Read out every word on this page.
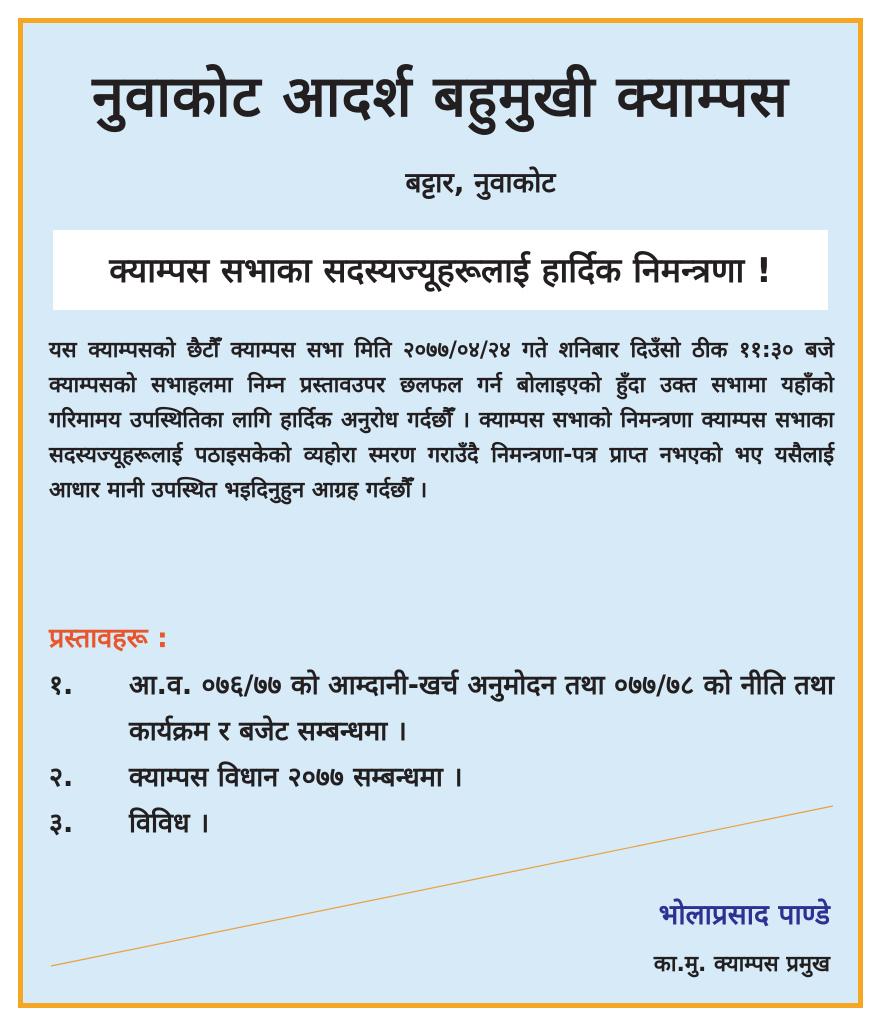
नुवाकोट आदर्श बहुमुखी क्याम्पस
बट्टार, नुवाकोट
क्याम्पस सभाका सदस्यज्यूहरूलाई हार्दिक निमन्त्रणा !
यस क्याम्पसको छैटौँ क्याम्पस सभा मिति २०७७/०४/२४ गते शनिबार दिउँसो ठीक ११:३० बजे क्याम्पसको सभाहलमा निम्न प्रस्तावउपर छलफल गर्न बोलाइएको हुँदा उक्त सभामा यहाँको गरिमामय उपस्थितिका लागि हार्दिक अनुरोध गर्दछौँ । क्याम्पस सभाको निमन्त्रणा क्याम्पस सभाका सदस्यज्यूहरूलाई पठाइसकेको व्यहोरा स्मरण गराउँदै निमन्त्रणा-पत्र प्राप्त नभएको भए यसैलाई आधार मानी उपस्थित भइदिनुहुन आग्रह गर्दछौँ ।
प्रस्तावहरू :
१. आ.व. ०७६/७७ को आम्दानी-खर्च अनुमोदन तथा ०७७/७८ को नीति तथा कार्यक्रम र बजेट सम्बन्धमा ।
२. क्याम्पस विधान २०७७ सम्बन्धमा ।
३. विविध ।
भोलाप्रसाद पाण्डे
का.मु. क्याम्पस प्रमुख
